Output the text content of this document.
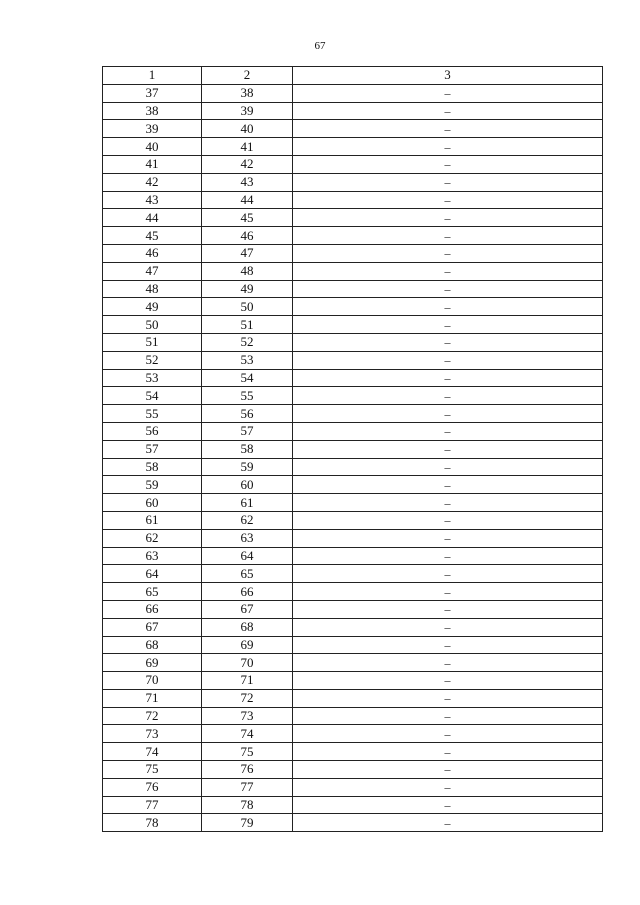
67
1	2	3
37	38	–
38	39	–
39	40	–
40	41	–
41	42	–
42	43	–
43	44	–
44	45	–
45	46	–
46	47	–
47	48	–
48	49	–
49	50	–
50	51	–
51	52	–
52	53	–
53	54	–
54	55	–
55	56	–
56	57	–
57	58	–
58	59	–
59	60	–
60	61	–
61	62	–
62	63	–
63	64	–
64	65	–
65	66	–
66	67	–
67	68	–
68	69	–
69	70	–
70	71	–
71	72	–
72	73	–
73	74	–
74	75	–
75	76	–
76	77	–
77	78	–
78	79	–
